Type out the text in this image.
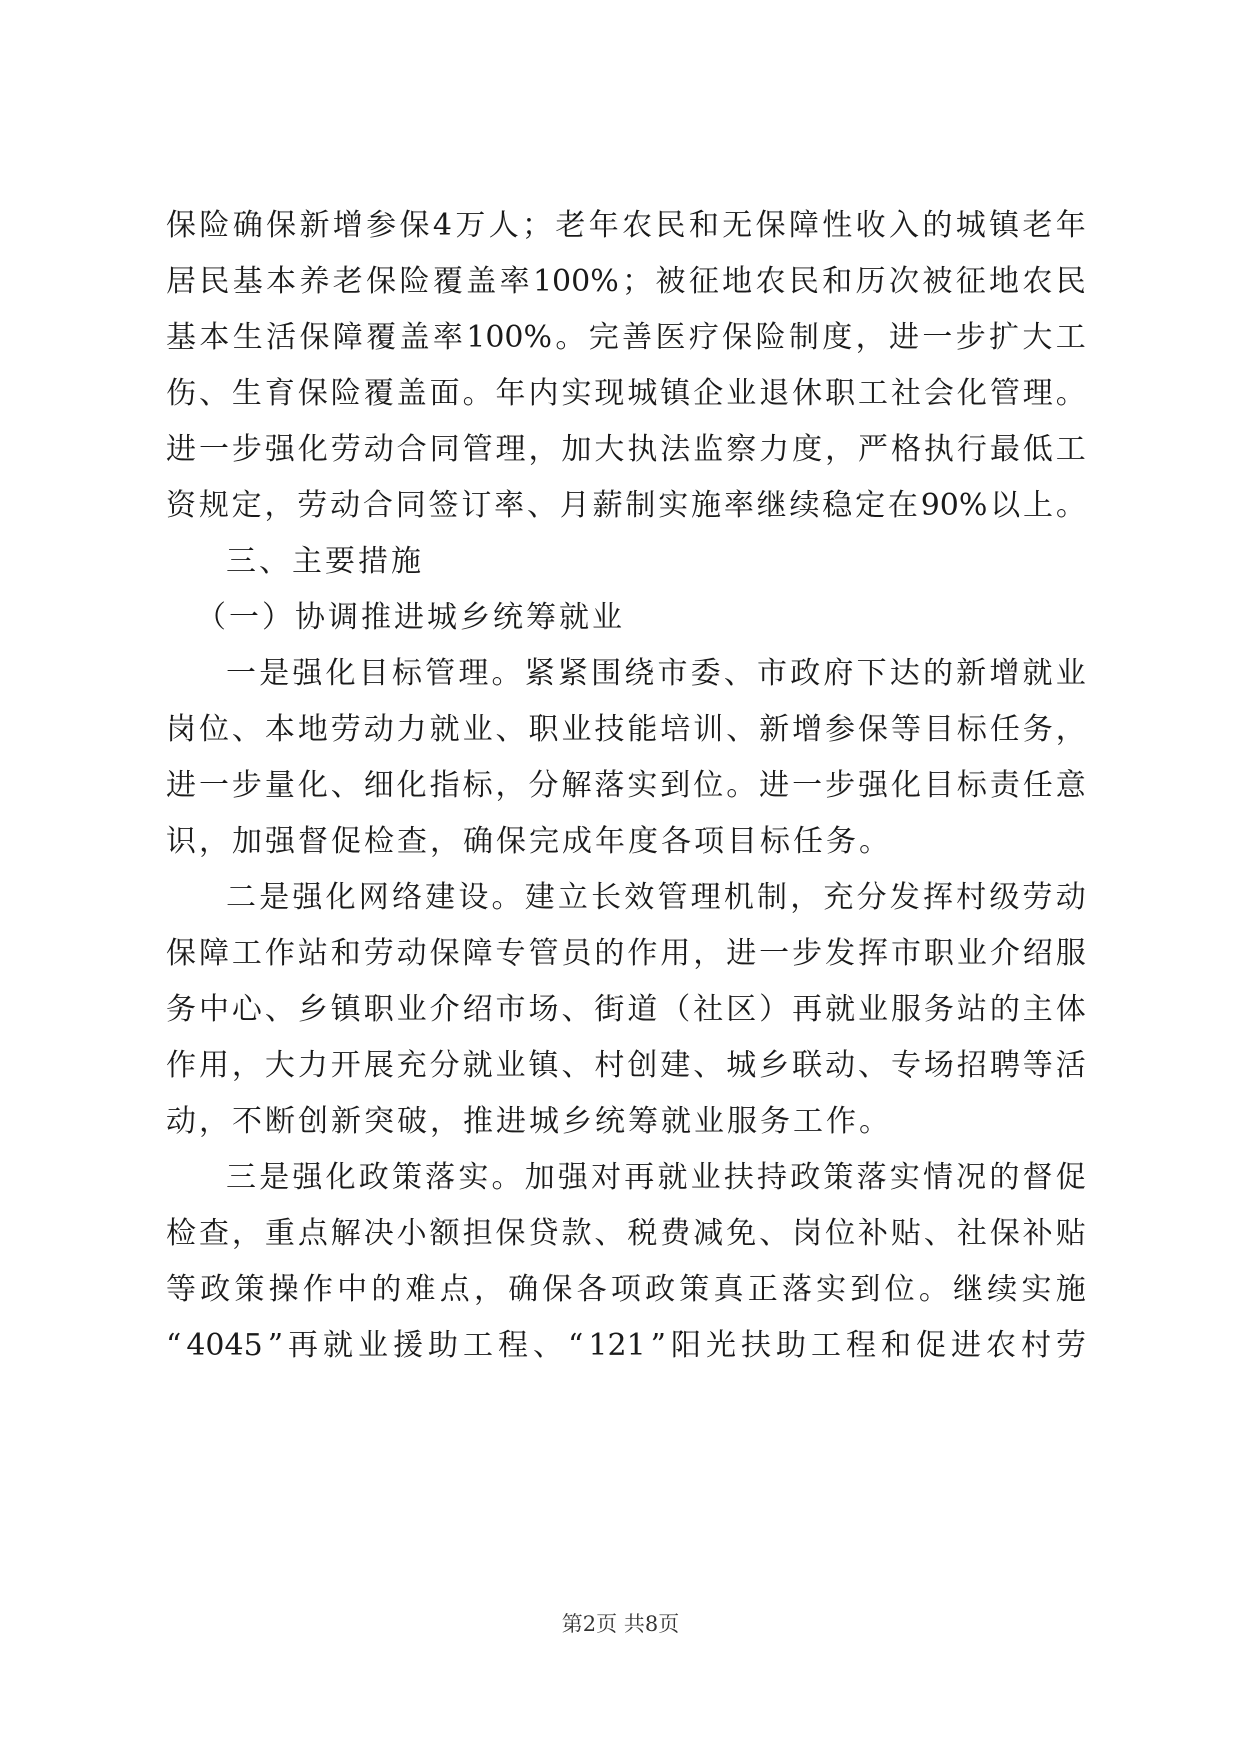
保 险 确 保 新 增 参 保 4 万 人 ； 老 年 农 民 和 无 保 障 性 收 入 的 城 镇 老 年
居 民 基 本 养 老 保 险 覆 盖 率 100% ； 被 征 地 农 民 和 历 次 被 征 地 农 民
基 本 生 活 保 障 覆 盖 率 100% 。 完 善 医 疗 保 险 制 度 ， 进 一 步 扩 大 工
伤 、 生 育 保 险 覆 盖 面 。 年 内 实 现 城 镇 企 业 退 休 职 工 社 会 化 管 理 。
进 一 步 强 化 劳 动 合 同 管 理 ， 加 大 执 法 监 察 力 度 ， 严 格 执 行 最 低 工
资 规 定 ， 劳 动 合 同 签 订 率 、 月 薪 制 实 施 率 继 续 稳 定 在 90% 以 上 。
三、主要措施
（一）协调推进城乡统筹就业
一 是 强 化 目 标 管 理 。 紧 紧 围 绕 市 委 、 市 政 府 下 达 的 新 增 就 业
岗 位 、 本 地 劳 动 力 就 业 、 职 业 技 能 培 训 、 新 增 参 保 等 目 标 任 务 ，
进 一 步 量 化 、 细 化 指 标 ， 分 解 落 实 到 位 。 进 一 步 强 化 目 标 责 任 意
识，加强督促检查，确保完成年度各项目标任务。
二 是 强 化 网 络 建 设 。 建 立 长 效 管 理 机 制 ， 充 分 发 挥 村 级 劳 动
保 障 工 作 站 和 劳 动 保 障 专 管 员 的 作 用 ， 进 一 步 发 挥 市 职 业 介 绍 服
务 中 心 、 乡 镇 职 业 介 绍 市 场 、 街 道 （ 社 区 ） 再 就 业 服 务 站 的 主 体
作 用 ， 大 力 开 展 充 分 就 业 镇 、 村 创 建 、 城 乡 联 动 、 专 场 招 聘 等 活
动，不断创新突破，推进城乡统筹就业服务工作。
三 是 强 化 政 策 落 实 。 加 强 对 再 就 业 扶 持 政 策 落 实 情 况 的 督 促
检 查 ， 重 点 解 决 小 额 担 保 贷 款 、 税 费 减 免 、 岗 位 补 贴 、 社 保 补 贴
等 政 策 操 作 中 的 难 点 ， 确 保 各 项 政 策 真 正 落 实 到 位 。 继 续 实 施
“ 4045 ” 再 就 业 援 助 工 程 、 “ 121 ” 阳 光 扶 助 工 程 和 促 进 农 村 劳
第2页 共8页
